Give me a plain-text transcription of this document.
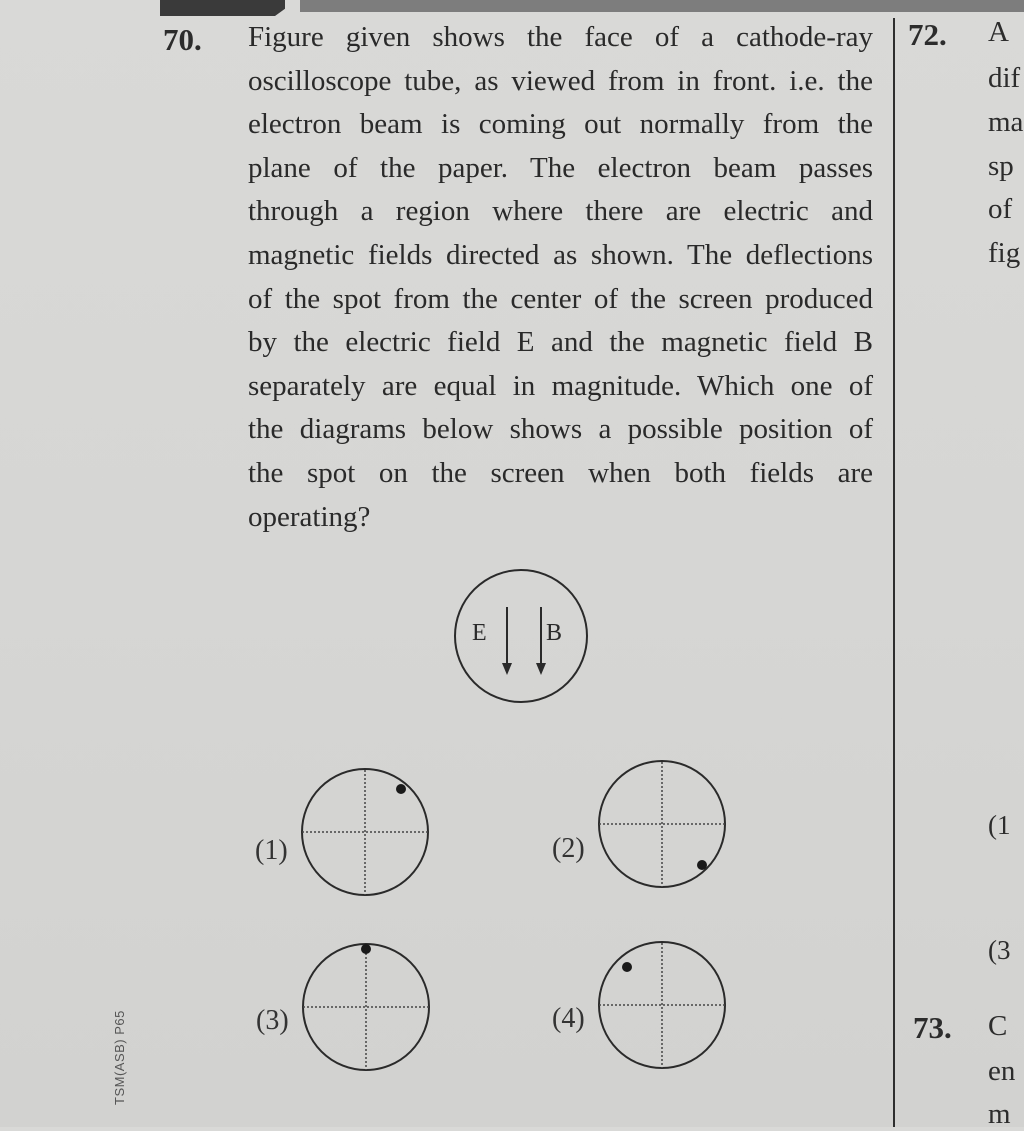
70. Figure given shows the face of a cathode-ray
oscilloscope tube, as viewed from in front. i.e. the
electron beam is coming out normally from the
plane of the paper. The electron beam passes
through a region where there are electric and
magnetic fields directed as shown. The deflections
of the spot from the center of the screen produced
by the electric field E and the magnetic field B
separately are equal in magnitude. Which one of
the diagrams below shows a possible position of
the spot on the screen when both fields are
operating?
E B
(1)	(2)
(3)	(4)
72. A
dif
ma
sp
of
fig
(1
(3
73. C
en
m
TSM(ASB) P65
